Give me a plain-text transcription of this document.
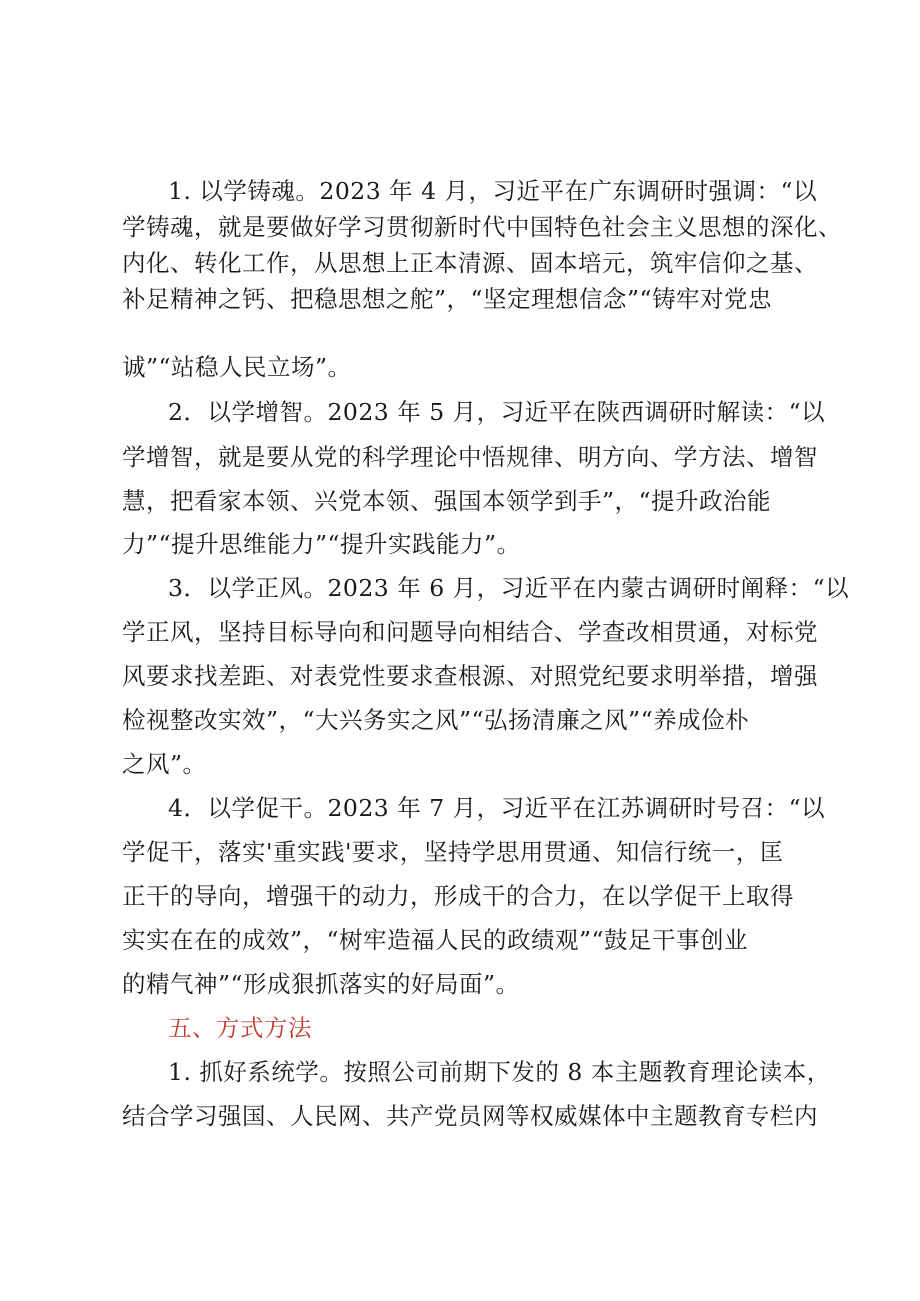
1. 以学铸魂。2023 年 4 月，习近平在广东调研时强调：“以
学铸魂，就是要做好学习贯彻新时代中国特色社会主义思想的深化、
内化、转化工作，从思想上正本清源、固本培元，筑牢信仰之基、
补足精神之钙、把稳思想之舵”，“坚定理想信念”“铸牢对党忠
诚”“站稳人民立场”。
2．以学增智。2023 年 5 月，习近平在陕西调研时解读：“以
学增智，就是要从党的科学理论中悟规律、明方向、学方法、增智
慧，把看家本领、兴党本领、强国本领学到手”，“提升政治能
力”“提升思维能力”“提升实践能力”。
3．以学正风。2023 年 6 月，习近平在内蒙古调研时阐释：“以
学正风，坚持目标导向和问题导向相结合、学查改相贯通，对标党
风要求找差距、对表党性要求查根源、对照党纪要求明举措，增强
检视整改实效”，“大兴务实之风”“弘扬清廉之风”“养成俭朴
之风”。
4．以学促干。2023 年 7 月，习近平在江苏调研时号召：“以
学促干，落实'重实践'要求，坚持学思用贯通、知信行统一，匡
正干的导向，增强干的动力，形成干的合力，在以学促干上取得
实实在在的成效”，“树牢造福人民的政绩观”“鼓足干事创业
的精气神”“形成狠抓落实的好局面”。
五、方式方法
1. 抓好系统学。按照公司前期下发的 8 本主题教育理论读本，
结合学习强国、人民网、共产党员网等权威媒体中主题教育专栏内
